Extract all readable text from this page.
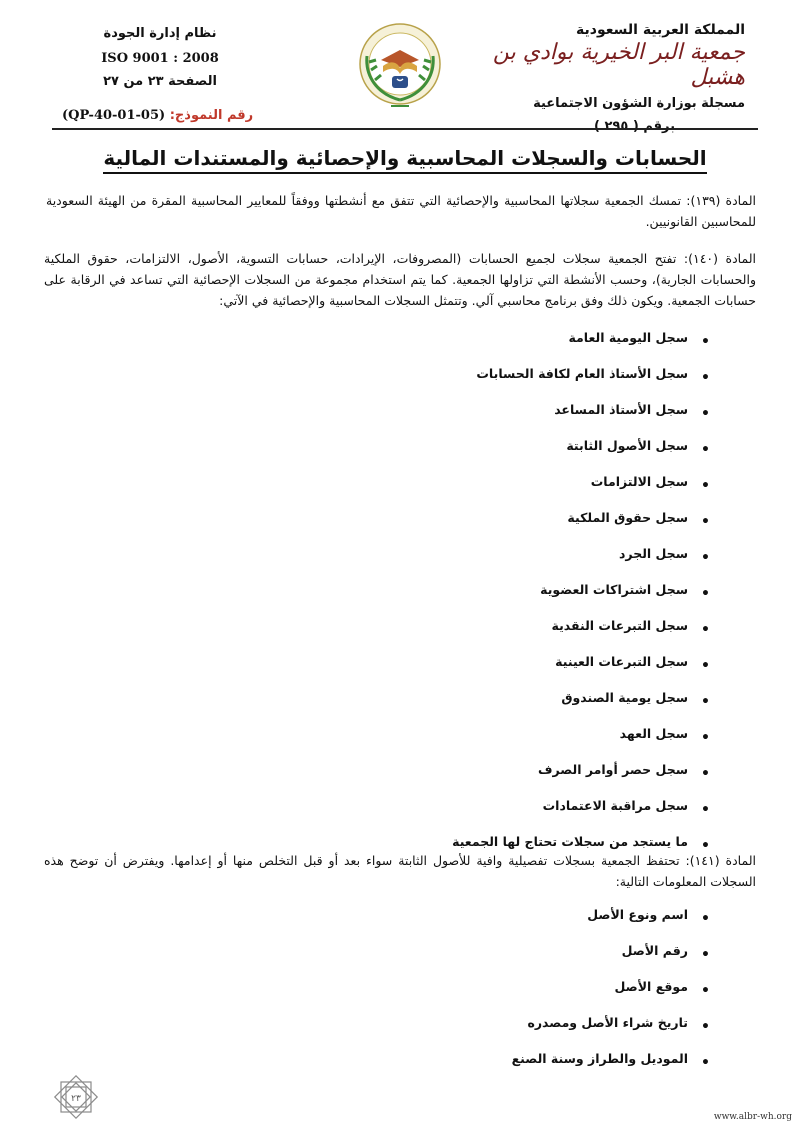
المملكة العربية السعودية
جمعية البر الخيرية بوادي بن هشبل
مسجلة بوزارة الشؤون الاجتماعية
برقم ( ٢٩٥ )
نظام إدارة الجودة
ISO 9001 : 2008
الصفحة ٢٣ من ٢٧
رقم النموذج: (QP-40-01-05)
الحسابات والسجلات المحاسبية والإحصائية والمستندات المالية
المادة (١٣٩): تمسك الجمعية سجلاتها المحاسبية والإحصائية التي تتفق مع أنشطتها ووفقاً للمعايير المحاسبية المقرة من الهيئة السعودية للمحاسبين القانونيين.
المادة (١٤٠): تفتح الجمعية سجلات لجميع الحسابات (المصروفات، الإيرادات، حسابات التسوية، الأصول، الالتزامات، حقوق الملكية والحسابات الجارية)، وحسب الأنشطة التي تزاولها الجمعية. كما يتم استخدام مجموعة من السجلات الإحصائية التي تساعد في الرقابة على حسابات الجمعية. ويكون ذلك وفق برنامج محاسبي آلي. وتتمثل السجلات المحاسبية والإحصائية في الآتي:
• سجل اليومية العامة
• سجل الأستاذ العام لكافة الحسابات
• سجل الأستاذ المساعد
• سجل الأصول الثابتة
• سجل الالتزامات
• سجل حقوق الملكية
• سجل الجرد
• سجل اشتراكات العضوية
• سجل التبرعات النقدية
• سجل التبرعات العينية
• سجل يومية الصندوق
• سجل العهد
• سجل حصر أوامر الصرف
• سجل مراقبة الاعتمادات
• ما يستجد من سجلات تحتاج لها الجمعية
المادة (١٤١): تحتفظ الجمعية بسجلات تفصيلية وافية للأصول الثابتة سواء بعد أو قبل التخلص منها أو إعدامها. ويفترض أن توضح هذه السجلات المعلومات التالية:
• اسم ونوع الأصل
• رقم الأصل
• موقع الأصل
• تاريخ شراء الأصل ومصدره
• الموديل والطراز وسنة الصنع
٢٣
www.albr-wh.org
